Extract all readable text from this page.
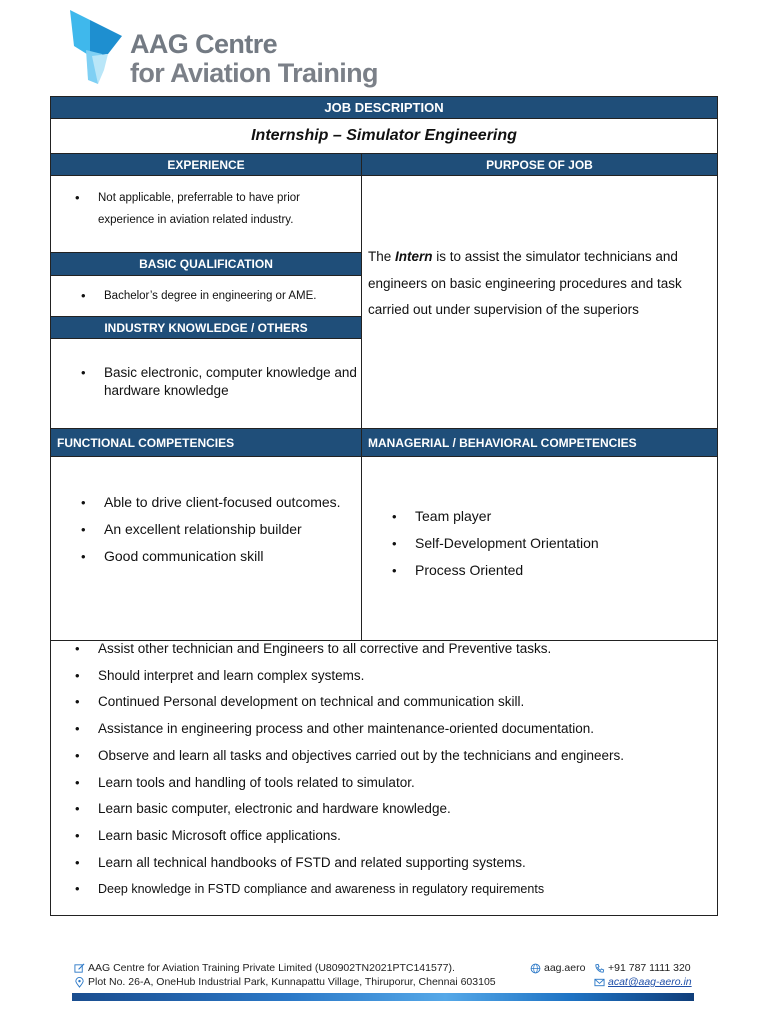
AAG Centre
for Aviation Training
JOB DESCRIPTION
Internship – Simulator Engineering
EXPERIENCE	PURPOSE OF JOB
• Not applicable, preferrable to have prior experience in aviation related industry.
The Intern is to assist the simulator technicians and engineers on basic engineering procedures and task carried out under supervision of the superiors
BASIC QUALIFICATION
• Bachelor’s degree in engineering or AME.
INDUSTRY KNOWLEDGE / OTHERS
• Basic electronic, computer knowledge and hardware knowledge
FUNCTIONAL COMPETENCIES	MANAGERIAL / BEHAVIORAL COMPETENCIES
• Able to drive client-focused outcomes.
• An excellent relationship builder
• Good communication skill
• Team player
• Self-Development Orientation
• Process Oriented
• Assist other technician and Engineers to all corrective and Preventive tasks.
• Should interpret and learn complex systems.
• Continued Personal development on technical and communication skill.
• Assistance in engineering process and other maintenance-oriented documentation.
• Observe and learn all tasks and objectives carried out by the technicians and engineers.
• Learn tools and handling of tools related to simulator.
• Learn basic computer, electronic and hardware knowledge.
• Learn basic Microsoft office applications.
• Learn all technical handbooks of FSTD and related supporting systems.
• Deep knowledge in FSTD compliance and awareness in regulatory requirements
AAG Centre for Aviation Training Private Limited (U80902TN2021PTC141577).
Plot No. 26-A, OneHub Industrial Park, Kunnapattu Village, Thiruporur, Chennai 603105
aag.aero +91 787 1111 320
acat@aag-aero.in
